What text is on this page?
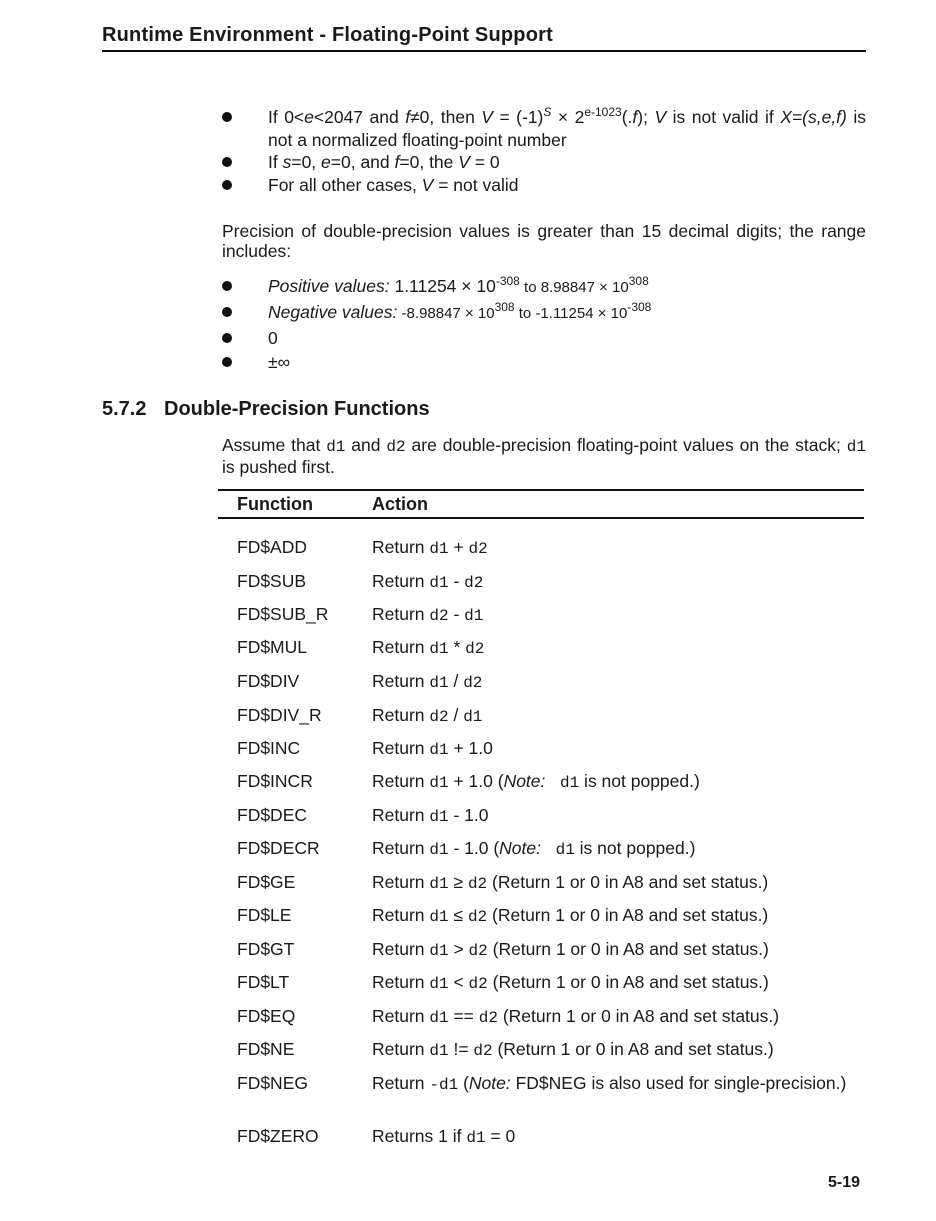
Runtime Environment - Floating-Point Support
If 0<e<2047 and f≠0, then $V = (-1)^S \times 2^{e-1023}(.f)$; V is not valid if X=(s,e,f) is not a normalized floating-point number
If s=0, e=0, and f=0, the V = 0
For all other cases, V = not valid
Precision of double-precision values is greater than 15 decimal digits; the range includes:
Positive values: $1.11254 \times 10^{-308}$ to $8.98847 \times 10^{308}$
Negative values: $-8.98847 \times 10^{308}$ to $-1.11254 \times 10^{-308}$
0
±∞
5.7.2 Double-Precision Functions
Assume that d1 and d2 are double-precision floating-point values on the stack; d1 is pushed first.
Function	Action
FD$ADD	Return d1 + d2
FD$SUB	Return d1 - d2
FD$SUB_R Return d2 - d1
FD$MUL	Return d1 * d2
FD$DIV	Return d1 / d2
FD$DIV_R	Return d2 / d1
FD$INC	Return d1 + 1.0
FD$INCR	Return d1 + 1.0 (Note: d1 is not popped.)
FD$DEC	Return d1 - 1.0
FD$DECR	Return d1 - 1.0 (Note: d1 is not popped.)
FD$GE	Return d1 ≥ d2 (Return 1 or 0 in A8 and set status.)
FD$LE	Return d1 ≤ d2 (Return 1 or 0 in A8 and set status.)
FD$GT	Return d1 > d2 (Return 1 or 0 in A8 and set status.)
FD$LT	Return d1 < d2 (Return 1 or 0 in A8 and set status.)
FD$EQ	Return d1 == d2 (Return 1 or 0 in A8 and set status.)
FD$NE	Return d1 != d2 (Return 1 or 0 in A8 and set status.)
FD$NEG	Return -d1 (Note: FD$NEG is also used for single-precision.)
FD$ZERO	Returns 1 if d1 = 0
5-19
